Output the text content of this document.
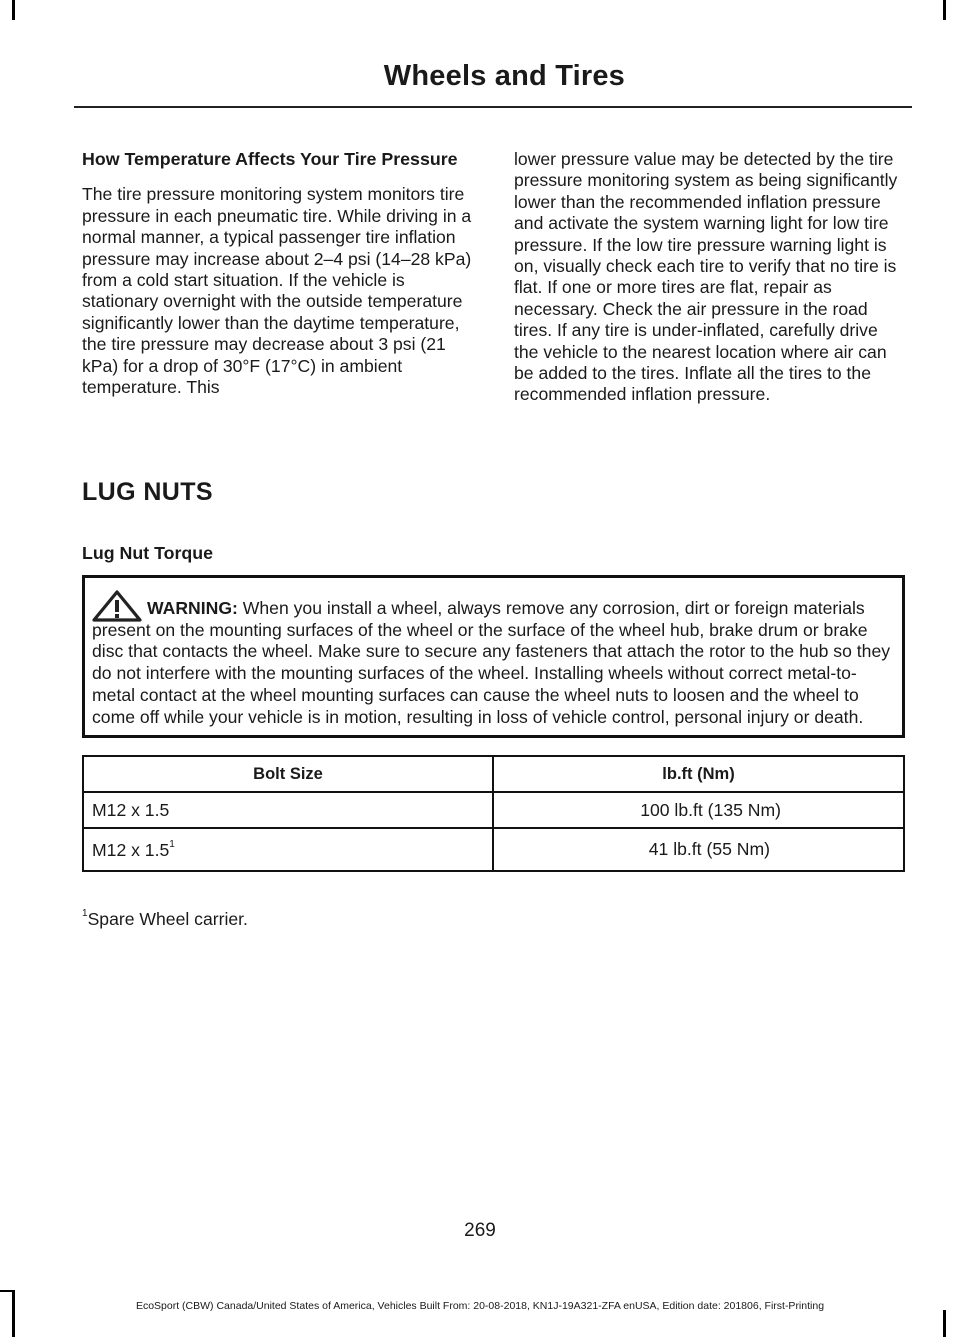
Wheels and Tires
How Temperature Affects Your Tire Pressure

The tire pressure monitoring system monitors tire pressure in each pneumatic tire. While driving in a normal manner, a typical passenger tire inflation pressure may increase about 2–4 psi (14–28 kPa) from a cold start situation. If the vehicle is stationary overnight with the outside temperature significantly lower than the daytime temperature, the tire pressure may decrease about 3 psi (21 kPa) for a drop of 30°F (17°C) in ambient temperature. This

lower pressure value may be detected by the tire pressure monitoring system as being significantly lower than the recommended inflation pressure and activate the system warning light for low tire pressure. If the low tire pressure warning light is on, visually check each tire to verify that no tire is flat. If one or more tires are flat, repair as necessary. Check the air pressure in the road tires. If any tire is under-inflated, carefully drive the vehicle to the nearest location where air can be added to the tires. Inflate all the tires to the recommended inflation pressure.

LUG NUTS
Lug Nut Torque

WARNING: When you install a wheel, always remove any corrosion, dirt or foreign materials present on the mounting surfaces of the wheel or the surface of the wheel hub, brake drum or brake disc that contacts the wheel. Make sure to secure any fasteners that attach the rotor to the hub so they do not interfere with the mounting surfaces of the wheel. Installing wheels without correct metal-to-metal contact at the wheel mounting surfaces can cause the wheel nuts to loosen and the wheel to come off while your vehicle is in motion, resulting in loss of vehicle control, personal injury or death.

Bolt Size	lb.ft (Nm)
M12 x 1.5	100 lb.ft (135 Nm)
M12 x $1.5^1$	41 lb.ft (55 Nm)
$^1$Spare Wheel carrier.
269
EcoSport (CBW) Canada/United States of America, Vehicles Built From: 20-08-2018, KN1J-19A321-ZFA enUSA, Edition date: 201806, First-Printing
